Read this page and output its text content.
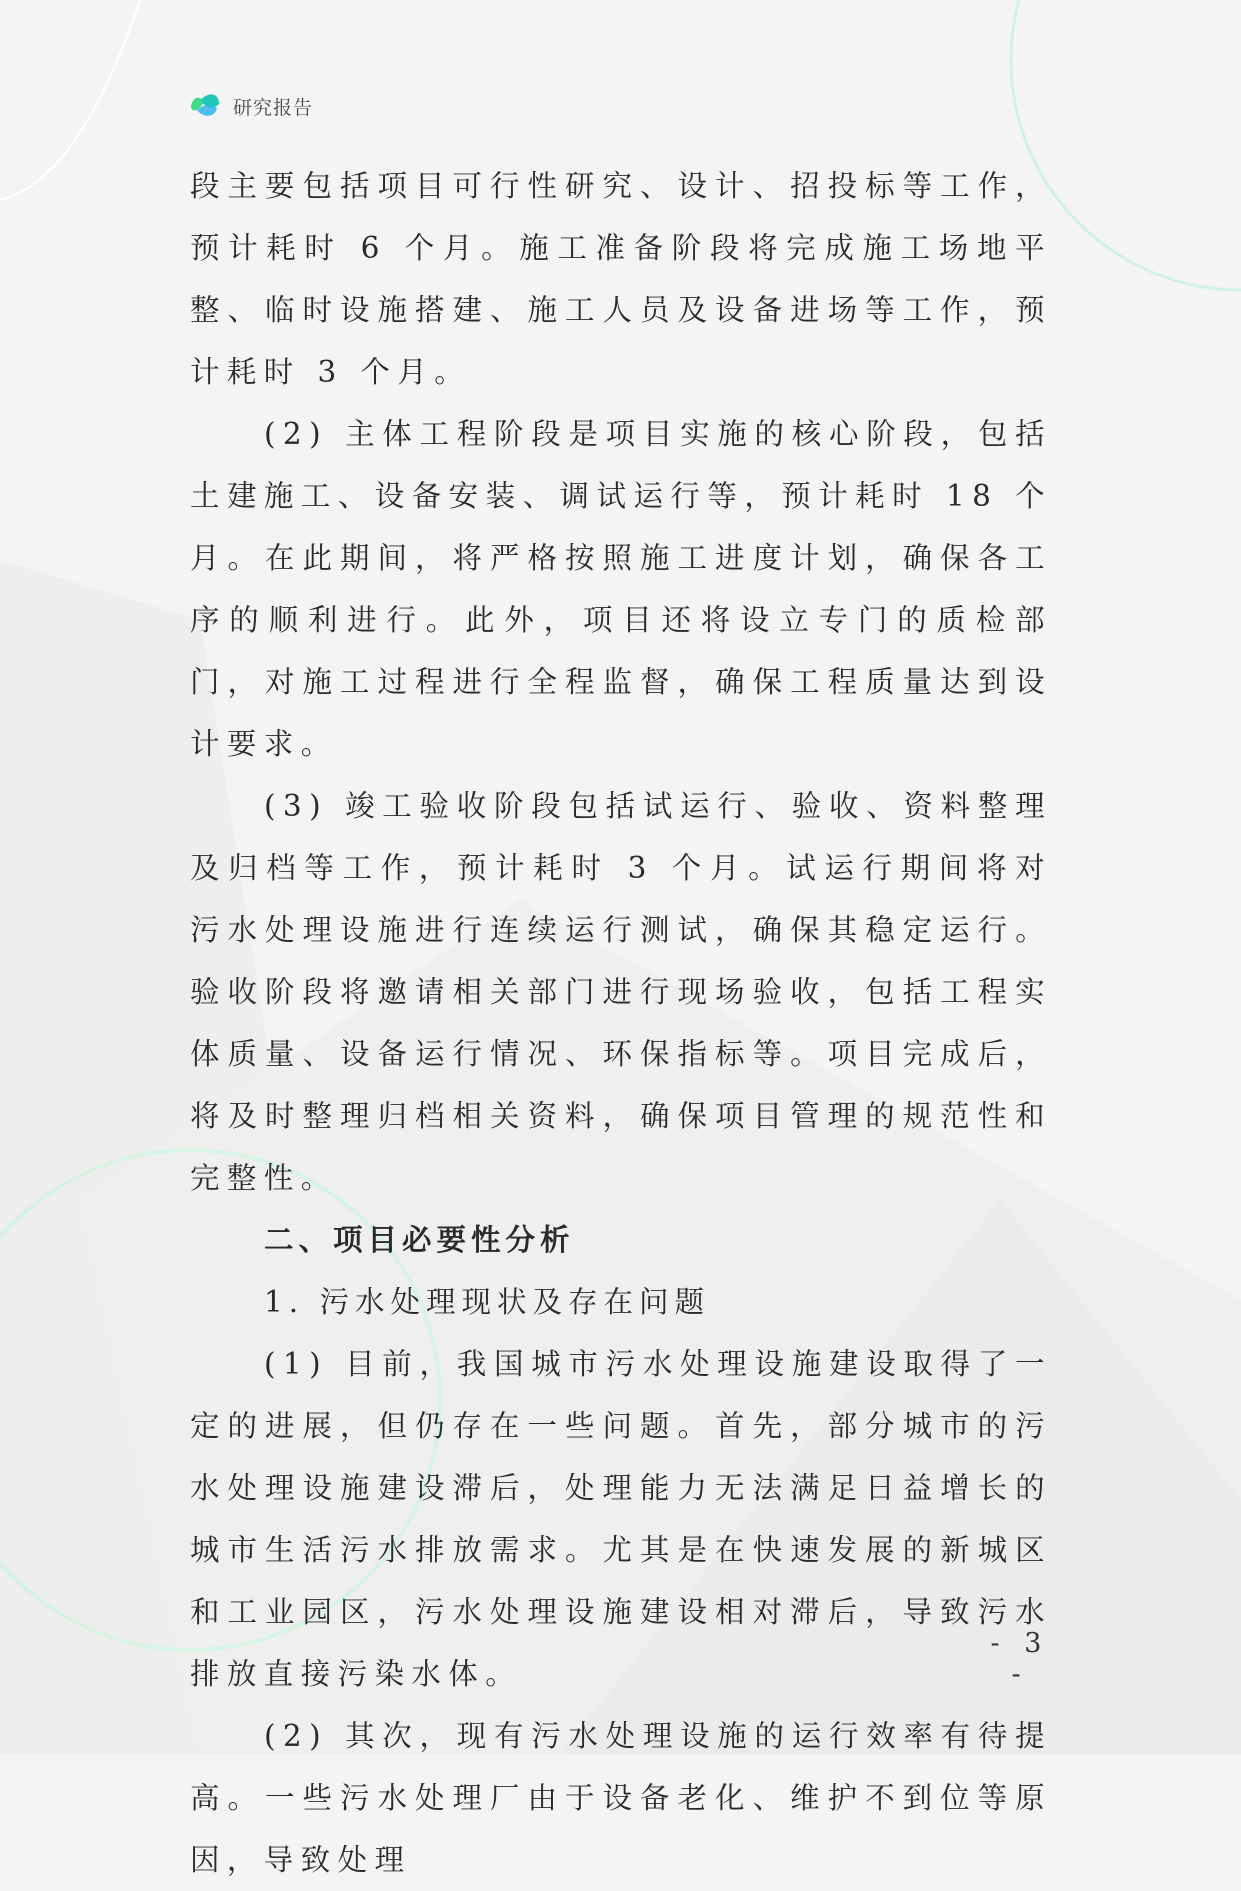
研究报告

段主要包括项目可行性研究、设计、招投标等工作，预计耗时 6 个月。施工准备阶段将完成施工场地平整、临时设施搭建、施工人员及设备进场等工作，预计耗时 3 个月。

(2) 主体工程阶段是项目实施的核心阶段，包括土建施工、设备安装、调试运行等，预计耗时 18 个月。在此期间，将严格按照施工进度计划，确保各工序的顺利进行。此外，项目还将设立专门的质检部门，对施工过程进行全程监督，确保工程质量达到设计要求。

(3) 竣工验收阶段包括试运行、验收、资料整理及归档等工作，预计耗时 3 个月。试运行期间将对污水处理设施进行连续运行测试，确保其稳定运行。验收阶段将邀请相关部门进行现场验收，包括工程实体质量、设备运行情况、环保指标等。项目完成后，将及时整理归档相关资料，确保项目管理的规范性和完整性。

二、项目必要性分析

1. 污水处理现状及存在问题

(1) 目前，我国城市污水处理设施建设取得了一定的进展，但仍存在一些问题。首先，部分城市的污水处理设施建设滞后，处理能力无法满足日益增长的城市生活污水排放需求。尤其是在快速发展的新城区和工业园区，污水处理设施建设相对滞后，导致污水排放直接污染水体。

(2) 其次，现有污水处理设施的运行效率有待提高。一些污水处理厂由于设备老化、维护不到位等原因，导致处理

- 3 -
